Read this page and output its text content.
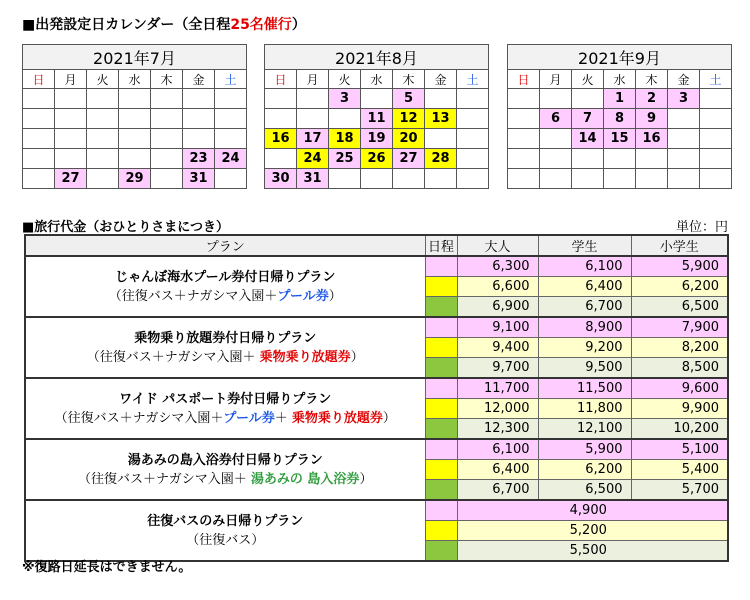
■出発設定日カレンダー（全日程25名催行）
2021年7月						
日	月	火	水	木	金	土

					23	24
	27		29		31	
2021年8月						
日	月	火	水	木	金	土
		3		5		
			11	12	13	
16	17	18	19	20		
	24	25	26	27	28	
30	31					
2021年9月						
日	月	火	水	木	金	土
			1	2	3	
	6	7	8	9		
		14	15	16		

■旅行代金（おひとりさまにつき）	単位：円
プラン	日程	大人	学生	小学生

じゃんぼ海水プール券付日帰りプラン
（往復バス＋ナガシマ入園＋プール券）		6,300	6,100	5,900
		6,600	6,400	6,200
		6,900	6,700	6,500

乗物乗り放題券付日帰りプラン
（往復バス＋ナガシマ入園＋ 乗物乗り放題券）		9,100	8,900	7,900
		9,400	9,200	8,200
		9,700	9,500	8,500

ワイド パスポート券付日帰りプラン
（往復バス＋ナガシマ入園＋プール券＋ 乗物乗り放題券）		11,700	11,500	9,600
		12,000	11,800	9,900
		12,300	12,100	10,200

湯あみの島入浴券付日帰りプラン
（往復バス＋ナガシマ入園＋ 湯あみの 島入浴券）		6,100	5,900	5,100
		6,400	6,200	5,400
		6,700	6,500	5,700

往復バスのみ日帰りプラン
（往復バス）		4,900		
		5,200		
		5,500		
※復路日延長はできません。
